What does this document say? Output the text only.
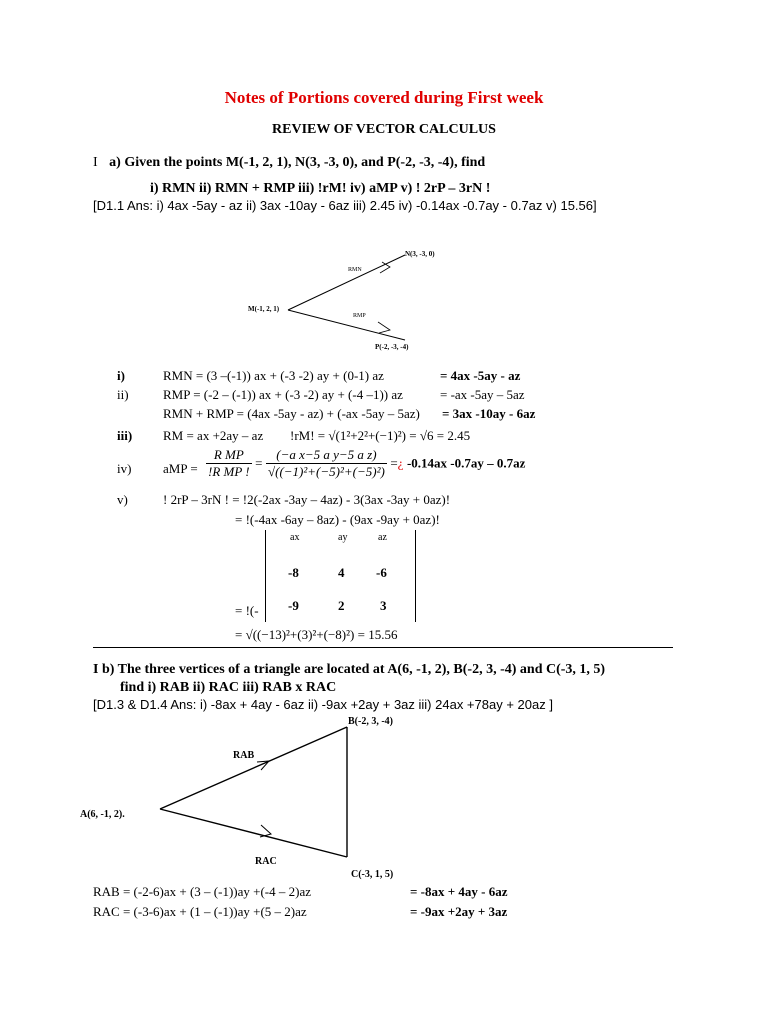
Notes of Portions covered during First week
REVIEW OF VECTOR CALCULUS
I a) Given the points M(-1, 2, 1), N(3, -3, 0), and P(-2, -3, -4), find
i) RMN ii) RMN + RMP iii) !rM! iv) aMP v) ! 2rP – 3rN !
[D1.1 Ans: i) 4ax -5ay - az ii) 3ax -10ay - 6az iii) 2.45 iv) -0.14ax -0.7ay - 0.7az v) 15.56]
N(3, -3, 0)
M(-1, 2, 1)
P(-2, -3, -4)
RMN
RMP
i)	RMN = (3 –(-1)) ax + (-3 -2) ay + (0-1) az	= 4ax -5ay - az
ii)	RMP = (-2 – (-1)) ax + (-3 -2) ay + (-4 –1)) az	= -ax -5ay – 5az
RMN + RMP = (4ax -5ay - az) + (-ax -5ay – 5az) = 3ax -10ay - 6az
iii) RM = ax +2ay – az !rM! = √(1²+2²+(−1)²) = √6 = 2.45
iv) aMP = $\frac{\text{R MP}}{\text{!R MP !}} = \frac{\text{(−a x−5 a y−5 a z)}}{\text{√((−1)²+(−5)²+(−5)²)}}$ =¿ -0.14ax -0.7ay – 0.7az
v)	! 2rP – 3rN ! = !2(-2ax -3ay – 4az) - 3(3ax -3ay + 0az)!
= !(-4ax -6ay – 8az) - (9ax -9ay + 0az)!
ax	ay	az
-8	4 -6
-9	2	3
= !(-
= √((−13)²+(3)²+(−8)²) = 15.56
I b) The three vertices of a triangle are located at A(6, -1, 2), B(-2, 3, -4) and C(-3, 1, 5)
find i) RAB ii) RAC iii) RAB x RAC
[D1.3 & D1.4 Ans: i) -8ax + 4ay - 6az ii) -9ax +2ay + 3az iii) 24ax +78ay + 20az ]
B(-2, 3, -4)
A(6, -1, 2).
C(-3, 1, 5)
RAB
RAC
RAB = (-2-6)ax + (3 – (-1))ay +(-4 – 2)az	= -8ax + 4ay - 6az
RAC = (-3-6)ax + (1 – (-1))ay +(5 – 2)az	= -9ax +2ay + 3az
